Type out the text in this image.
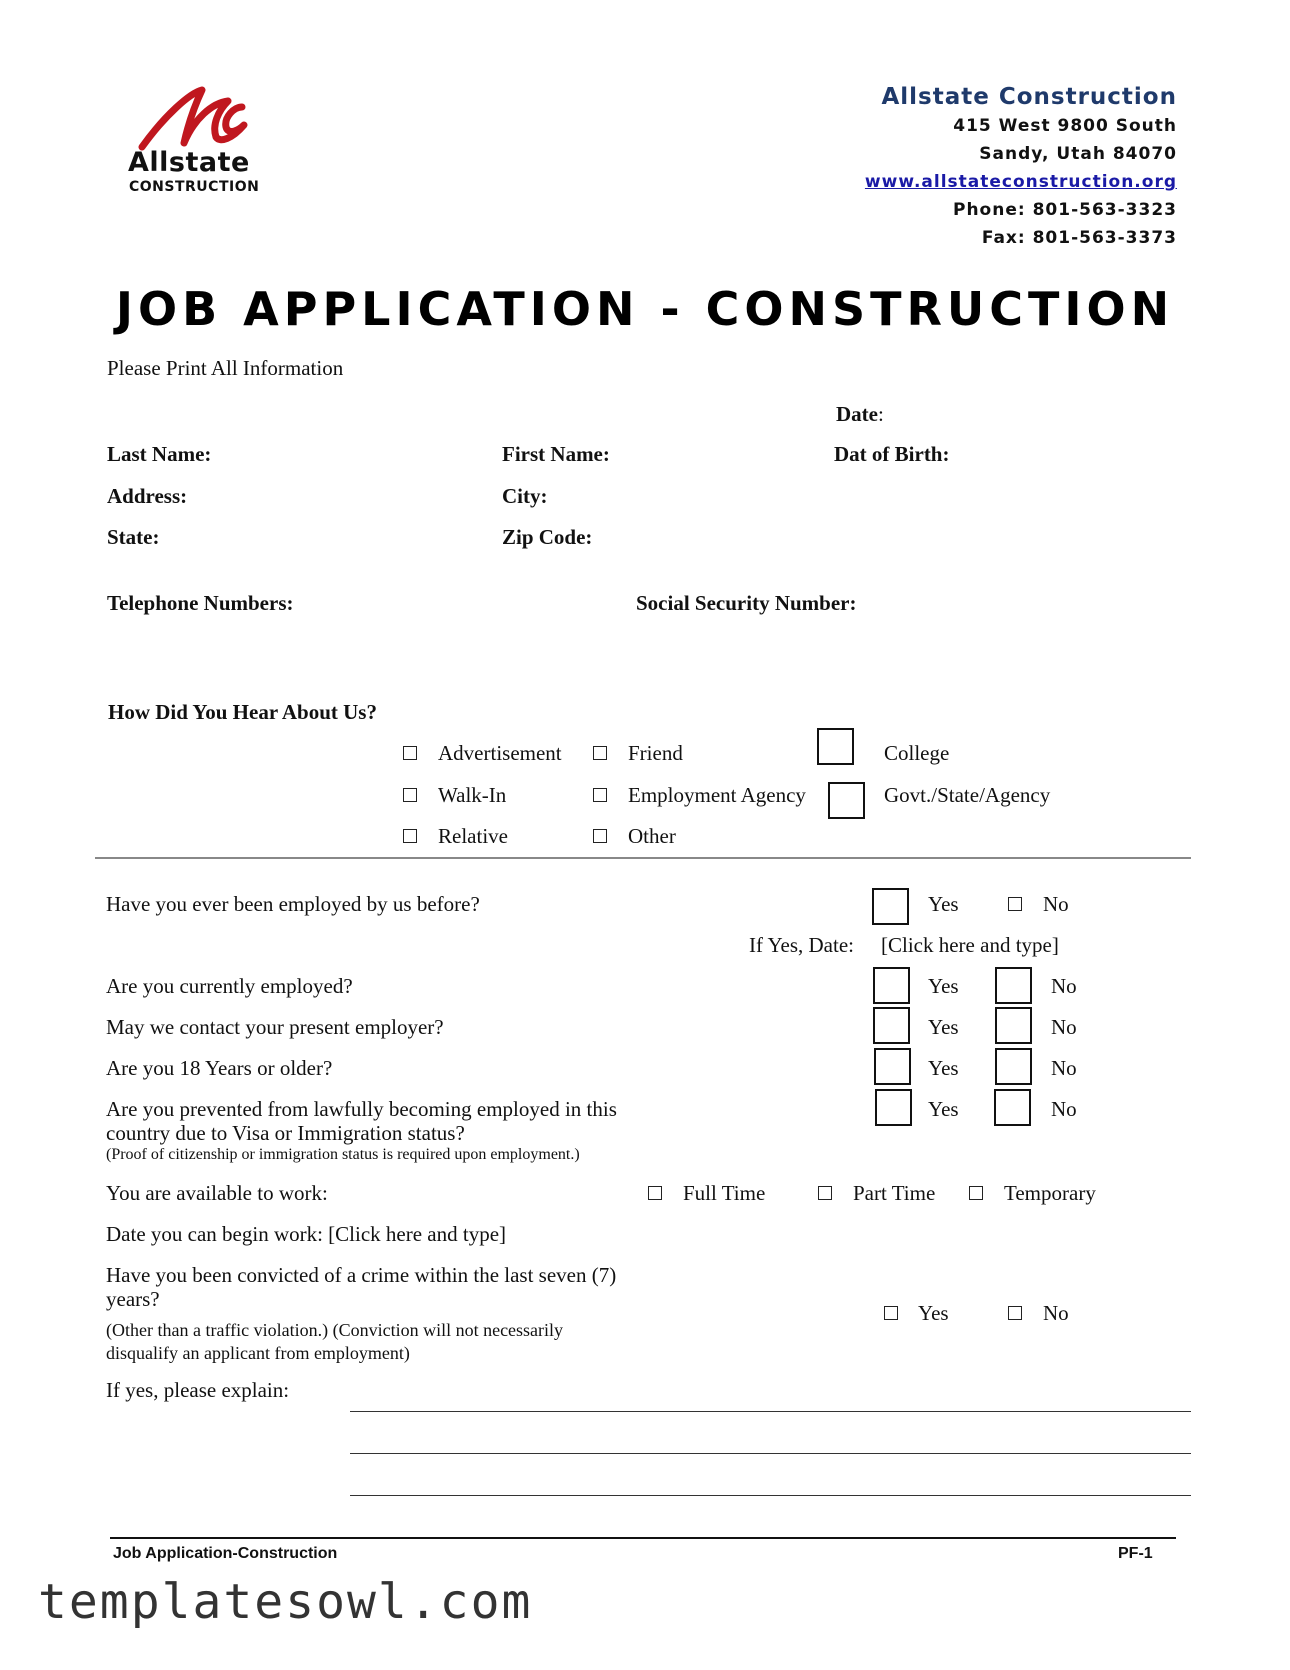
Allstate
CONSTRUCTION
Allstate Construction
415 West 9800 South
Sandy, Utah 84070
www.allstateconstruction.org
Phone: 801-563-3323
Fax: 801-563-3373
JOB APPLICATION - CONSTRUCTION
Please Print All Information
Date:
Last Name:	First Name:	Dat of Birth:
Address:	City:
State:	Zip Code:
Telephone Numbers:	Social Security Number:
How Did You Hear About Us?
Advertisement	Friend	College
Walk-In	Employment Agency	Govt./State/Agency
Relative	Other
Have you ever been employed by us before?	Yes	No
If Yes, Date: [Click here and type]
Are you currently employed?	Yes	No
May we contact your present employer?	Yes	No
Are you 18 Years or older?	Yes	No
Are you prevented from lawfully becoming employed in this
country due to Visa or Immigration status?
(Proof of citizenship or immigration status is required upon employment.)
Yes	No
You are available to work:	Full Time	Part Time	Temporary
Date you can begin work: [Click here and type]
Have you been convicted of a crime within the last seven (7)
years?
(Other than a traffic violation.) (Conviction will not necessarily
disqualify an applicant from employment)
Yes	No
If yes, please explain:
Job Application-Construction	PF-1
templatesowl.com
